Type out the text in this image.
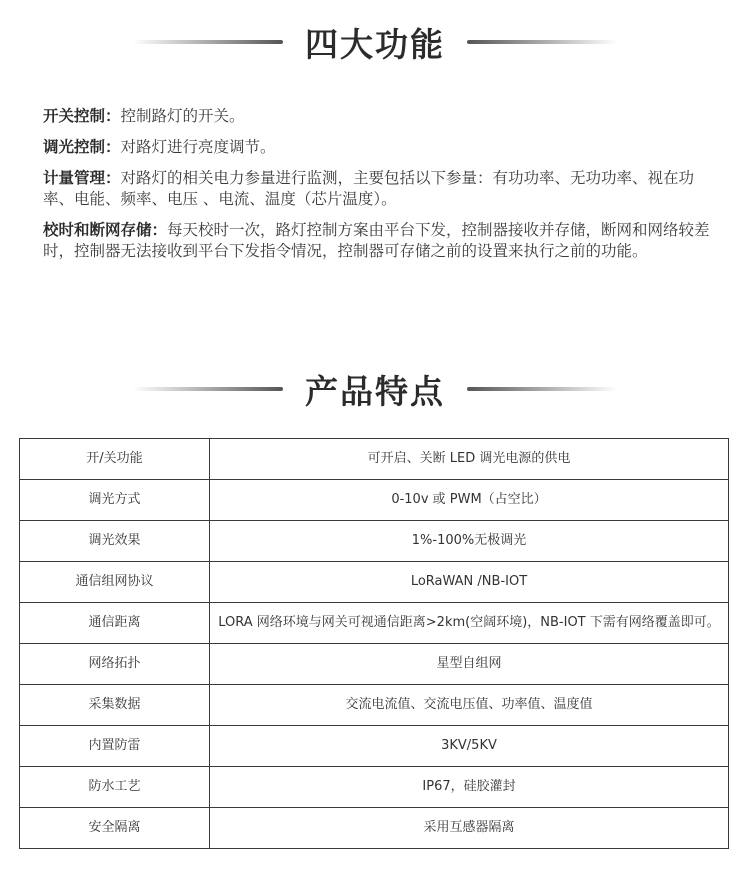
四大功能
开关控制：控制路灯的开关。
调光控制：对路灯进行亮度调节。
计量管理：对路灯的相关电力参量进行监测，主要包括以下参量：有功功率、无功功率、视在功率、电能、频率、电压 、电流、温度（芯片温度）。
校时和断网存储：每天校时一次，路灯控制方案由平台下发，控制器接收并存储，断网和网络较差时，控制器无法接收到平台下发指令情况，控制器可存储之前的设置来执行之前的功能。
产品特点
开/关功能	可开启、关断 LED 调光电源的供电
调光方式	0-10v 或 PWM（占空比）
调光效果	1%-100%无极调光
通信组网协议	LoRaWAN /NB-IOT
通信距离	LORA 网络环境与网关可视通信距离>2km(空阔环境)，NB-IOT 下需有网络覆盖即可。
网络拓扑	星型自组网
采集数据	交流电流值、交流电压值、功率值、温度值
内置防雷	3KV/5KV
防水工艺	IP67，硅胶灌封
安全隔离	采用互感器隔离
